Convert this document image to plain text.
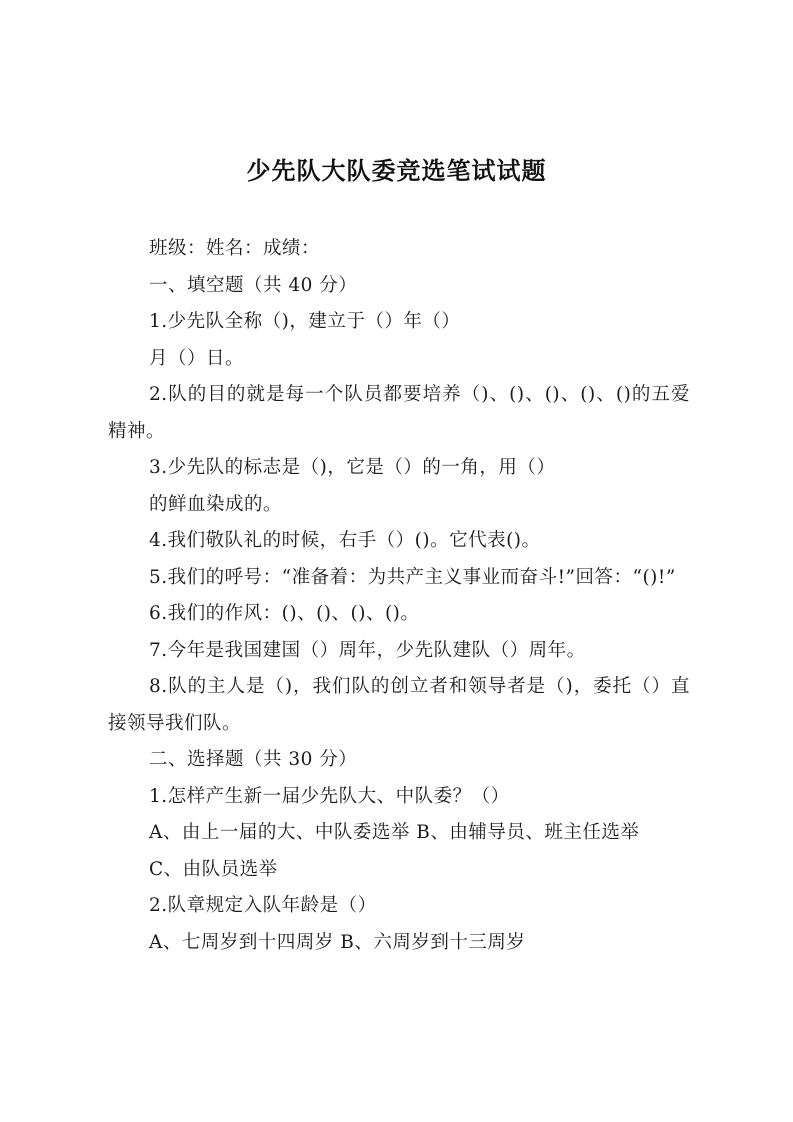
少先队大队委竞选笔试试题

班级：姓名：成绩：

一、填空题（共 40 分）

1.少先队全称（)，建立于（）年（）

月（）日。

2.队的目的就是每一个队员都要培养（)、()、()、()、()的五爱精神。

3.少先队的标志是（)，它是（）的一角，用（）

的鲜血染成的。

4.我们敬队礼的时候，右手（）()。它代表()。

5.我们的呼号：“准备着：为共产主义事业而奋斗!”回答：“()!”

6.我们的作风：()、()、()、()。

7.今年是我国建国（）周年，少先队建队（）周年。

8.队的主人是（)，我们队的创立者和领导者是（)，委托（）直接领导我们队。

二、选择题（共 30 分）

1.怎样产生新一届少先队大、中队委？（）

A、由上一届的大、中队委选举 B、由辅导员、班主任选举

C、由队员选举

2.队章规定入队年龄是（）

A、七周岁到十四周岁 B、六周岁到十三周岁
